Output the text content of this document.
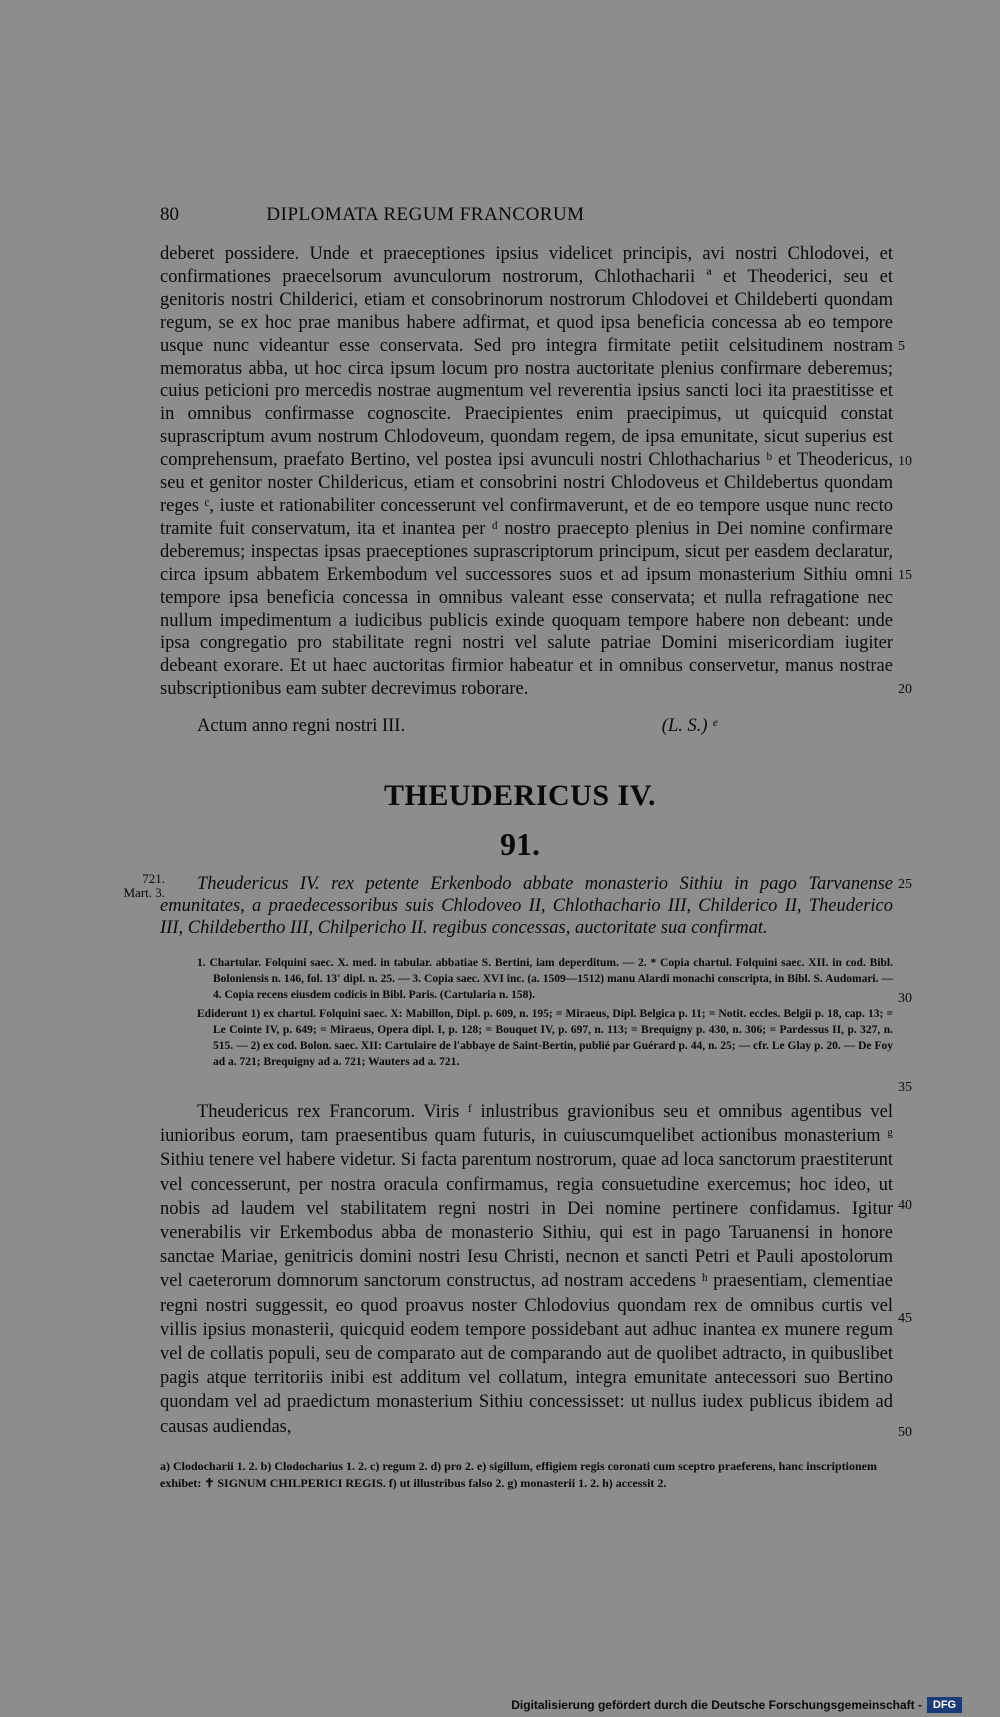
80	DIPLOMATA REGUM FRANCORUM

deberet possidere. Unde et praeceptiones ipsius videlicet principis, avi nostri Chlodovei, et confirmationes praecelsorum avunculorum nostrorum, Chlothacharii ª et Theoderici, seu et genitoris nostri Childerici, etiam et consobrinorum nostrorum Chlodovei et Childeberti quondam regum, se ex hoc prae manibus habere adfirmat, et quod ipsa beneficia concessa ab eo tempore usque nunc videantur esse conservata. Sed pro integra firmitate petiit celsitudinem nostram memoratus abba, ut hoc circa ipsum locum pro nostra auctoritate plenius confirmare deberemus; cuius peticioni pro mercedis nostrae augmentum vel reverentia ipsius sancti loci ita praestitisse et in omnibus confirmasse cognoscite. Praecipientes enim praecipimus, ut quicquid constat suprascriptum avum nostrum Chlodoveum, quondam regem, de ipsa emunitate, sicut superius est comprehensum, praefato Bertino, vel postea ipsi avunculi nostri Chlothacharius ᵇ et Theodericus, seu et genitor noster Childericus, etiam et consobrini nostri Chlodoveus et Childebertus quondam reges ᶜ, iuste et rationabiliter concesserunt vel confirmaverunt, et de eo tempore usque nunc recto tramite fuit conservatum, ita et inantea per ᵈ nostro praecepto plenius in Dei nomine confirmare deberemus; inspectas ipsas praeceptiones suprascriptorum principum, sicut per easdem declaratur, circa ipsum abbatem Erkembodum vel successores suos et ad ipsum monasterium Sithiu omni tempore ipsa beneficia concessa in omnibus valeant esse conservata; et nulla refragatione nec nullum impedimentum a iudicibus publicis exinde quoquam tempore habere non debeant: unde ipsa congregatio pro stabilitate regni nostri vel salute patriae Domini misericordiam iugiter debeant exorare. Et ut haec auctoritas firmior habeatur et in omnibus conservetur, manus nostrae subscriptionibus eam subter decrevimus roborare.

Actum anno regni nostri III.	(L. S.) ᵉ
5
10
15
20
25
30
35
40
45
50
THEUDERICUS IV.
91.
721.
Mart. 3.	Theudericus IV. rex petente Erkenbodo abbate monasterio Sithiu in pago Tarvanense emunitates, a praedecessoribus suis Chlodoveo II, Chlothachario III, Childerico II, Theuderico III, Childebertho III, Chilpericho II. regibus concessas, auctoritate sua confirmat.
1. Chartular. Folquini saec. X. med. in tabular. abbatiae S. Bertini, iam deperditum. — 2. * Copia chartul. Folquini saec. XII. in cod. Bibl. Boloniensis n. 146, fol. 13' dipl. n. 25. — 3. Copia saec. XVI inc. (a. 1509—1512) manu Alardi monachi conscripta, in Bibl. S. Audomari. — 4. Copia recens eiusdem codicis in Bibl. Paris. (Cartularia n. 158).
Ediderunt 1) ex chartul. Folquini saec. X: Mabillon, Dipl. p. 609, n. 195; = Miraeus, Dipl. Belgica p. 11; = Notit. eccles. Belgii p. 18, cap. 13; = Le Cointe IV, p. 649; = Miraeus, Opera dipl. I, p. 128; = Bouquet IV, p. 697, n. 113; = Brequigny p. 430, n. 306; = Pardessus II, p. 327, n. 515. — 2) ex cod. Bolon. saec. XII: Cartulaire de l'abbaye de Saint-Bertin, publié par Guérard p. 44, n. 25; — cfr. Le Glay p. 20. — De Foy ad a. 721; Brequigny ad a. 721; Wauters ad a. 721.
Theudericus rex Francorum. Viris ᶠ inlustribus gravionibus seu et omnibus agentibus vel iunioribus eorum, tam praesentibus quam futuris, in cuiuscumquelibet actionibus monasterium ᵍ Sithiu tenere vel habere videtur. Si facta parentum nostrorum, quae ad loca sanctorum praestiterunt vel concesserunt, per nostra oracula confirmamus, regia consuetudine exercemus; hoc ideo, ut nobis ad laudem vel stabilitatem regni nostri in Dei nomine pertinere confidamus. Igitur venerabilis vir Erkembodus abba de monasterio Sithiu, qui est in pago Taruanensi in honore sanctae Mariae, genitricis domini nostri Iesu Christi, necnon et sancti Petri et Pauli apostolorum vel caeterorum domnorum sanctorum constructus, ad nostram accedens ʰ praesentiam, clementiae regni nostri suggessit, eo quod proavus noster Chlodovius quondam rex de omnibus curtis vel villis ipsius monasterii, quicquid eodem tempore possidebant aut adhuc inantea ex munere regum vel de collatis populi, seu de comparato aut de comparando aut de quolibet adtracto, in quibuslibet pagis atque territoriis inibi est additum vel collatum, integra emunitate antecessori suo Bertino quondam vel ad praedictum monasterium Sithiu concessisset: ut nullus iudex publicus ibidem ad causas audiendas,
a) Clodocharii 1. 2. b) Clodocharius 1. 2. c) regum 2. d) pro 2. e) sigillum, effigiem regis coronati cum sceptro praeferens, hanc inscriptionem exhibet: ✝ SIGNUM CHILPERICI REGIS. f) ut illustribus falso 2. g) monasterii 1. 2. h) accessit 2.
Digitalisierung gefördert durch die Deutsche Forschungsgemeinschaft - DFG
